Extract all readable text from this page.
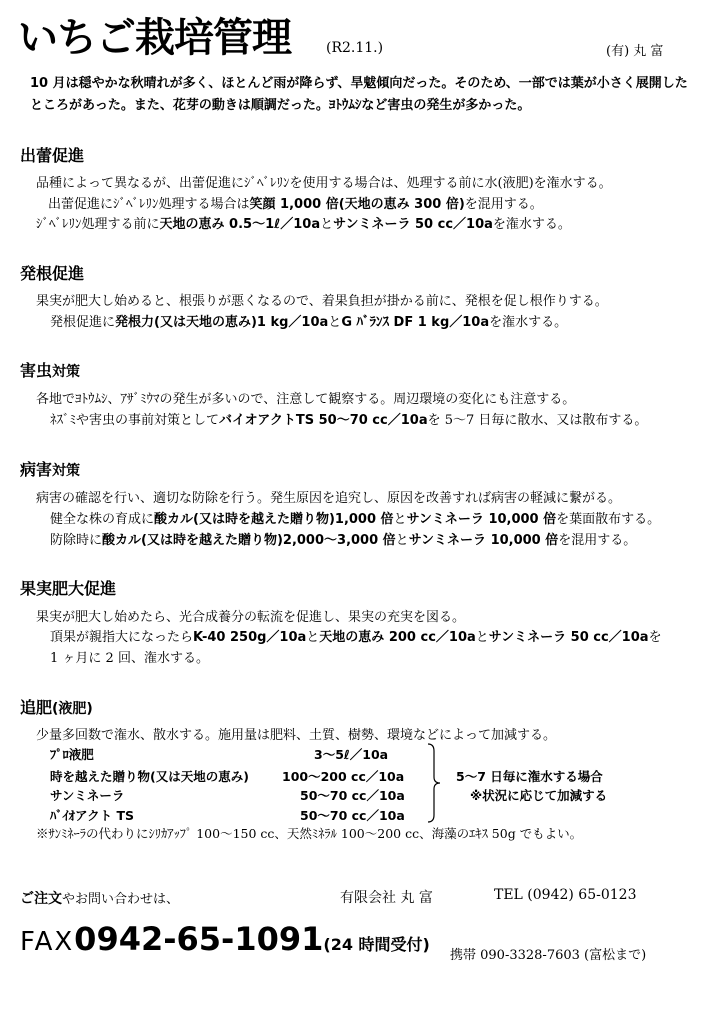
いちご栽培管理	(R2.11.)	(有) 丸 富
10 月は穏やかな秋晴れが多く、ほとんど雨が降らず、旱魃傾向だった。そのため、一部では葉が小さく展開した
ところがあった。また、花芽の動きは順調だった。ﾖﾄｳﾑｼなど害虫の発生が多かった。
出蕾促進
品種によって異なるが、出蕾促進にｼﾞﾍﾞﾚﾘﾝを使用する場合は、処理する前に水(液肥)を潅水する。
出蕾促進にｼﾞﾍﾞﾚﾘﾝ処理する場合は笑顔 1,000 倍(天地の恵み 300 倍)を混用する。
ｼﾞﾍﾞﾚﾘﾝ処理する前に天地の恵み 0.5～1ℓ／10aとサンミネーラ 50 cc／10aを潅水する。
発根促進
果実が肥大し始めると、根張りが悪くなるので、着果負担が掛かる前に、発根を促し根作りする。
発根促進に発根力(又は天地の恵み)1 kg／10aとG ﾊﾞﾗﾝｽ DF 1 kg／10aを潅水する。
害虫対策
各地でﾖﾄｳﾑｼ、ｱｻﾞﾐｳﾏの発生が多いので、注意して観察する。周辺環境の変化にも注意する。
ﾈｽﾞﾐや害虫の事前対策としてバイオアクトTS 50～70 cc／10aを 5～7 日毎に散水、又は散布する。
病害対策
病害の確認を行い、適切な防除を行う。発生原因を追究し、原因を改善すれば病害の軽減に繋がる。
健全な株の育成に酸カル(又は時を越えた贈り物)1,000 倍とサンミネーラ 10,000 倍を葉面散布する。
防除時に酸カル(又は時を越えた贈り物)2,000～3,000 倍とサンミネーラ 10,000 倍を混用する。
果実肥大促進
果実が肥大し始めたら、光合成養分の転流を促進し、果実の充実を図る。
頂果が親指大になったらK-40 250g／10aと天地の恵み 200 cc／10aとサンミネーラ 50 cc／10aを
1 ヶ月に 2 回、潅水する。
追肥(液肥)
少量多回数で潅水、散水する。施用量は肥料、土質、樹勢、環境などによって加減する。
ﾌﾟﾛ液肥	3～5ℓ／10a
時を越えた贈り物(又は天地の恵み)	100～200 cc／10a
サンミネーラ	50～70 cc／10a
ﾊﾞｲｵアクト TS	50～70 cc／10a
5～7 日毎に潅水する場合
※状況に応じて加減する
※ｻﾝﾐﾈｰﾗの代わりにｼﾘｶｱｯﾌﾟ 100～150 cc、天然ﾐﾈﾗﾙ 100～200 cc、海藻のｴｷｽ 50g でもよい。
ご注文やお問い合わせは、	有限会社 丸 富	TEL (0942) 65-0123
FAX0942-65-1091(24 時間受付)
携帯 090-3328-7603 (富松まで)
